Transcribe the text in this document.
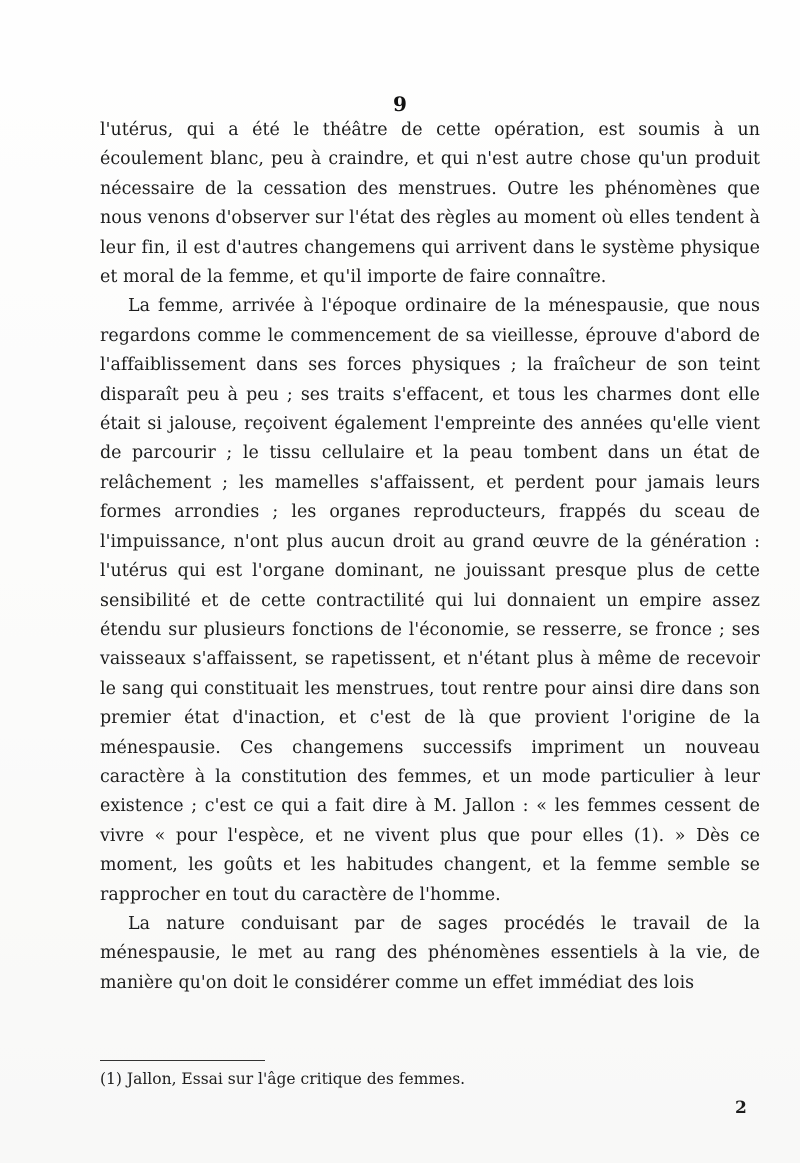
9

l'utérus, qui a été le théâtre de cette opération, est soumis à un écoulement blanc, peu à craindre, et qui n'est autre chose qu'un produit nécessaire de la cessation des menstrues. Outre les phénomènes que nous venons d'observer sur l'état des règles au moment où elles tendent à leur fin, il est d'autres changemens qui arrivent dans le système physique et moral de la femme, et qu'il importe de faire connaître.

La femme, arrivée à l'époque ordinaire de la ménespausie, que nous regardons comme le commencement de sa vieillesse, éprouve d'abord de l'affaiblissement dans ses forces physiques ; la fraîcheur de son teint disparaît peu à peu ; ses traits s'effacent, et tous les charmes dont elle était si jalouse, reçoivent également l'empreinte des années qu'elle vient de parcourir ; le tissu cellulaire et la peau tombent dans un état de relâchement ; les mamelles s'affaissent, et perdent pour jamais leurs formes arrondies ; les organes reproducteurs, frappés du sceau de l'impuissance, n'ont plus aucun droit au grand œuvre de la génération : l'utérus qui est l'organe dominant, ne jouissant presque plus de cette sensibilité et de cette contractilité qui lui donnaient un empire assez étendu sur plusieurs fonctions de l'économie, se resserre, se fronce ; ses vaisseaux s'affaissent, se rapetissent, et n'étant plus à même de recevoir le sang qui constituait les menstrues, tout rentre pour ainsi dire dans son premier état d'inaction, et c'est de là que provient l'origine de la ménespausie. Ces changemens successifs impriment un nouveau caractère à la constitution des femmes, et un mode particulier à leur existence ; c'est ce qui a fait dire à M. Jallon : « les femmes cessent de vivre « pour l'espèce, et ne vivent plus que pour elles (1). » Dès ce moment, les goûts et les habitudes changent, et la femme semble se rapprocher en tout du caractère de l'homme.

La nature conduisant par de sages procédés le travail de la ménespausie, le met au rang des phénomènes essentiels à la vie, de manière qu'on doit le considérer comme un effet immédiat des lois

(1) Jallon, Essai sur l'âge critique des femmes.
2
